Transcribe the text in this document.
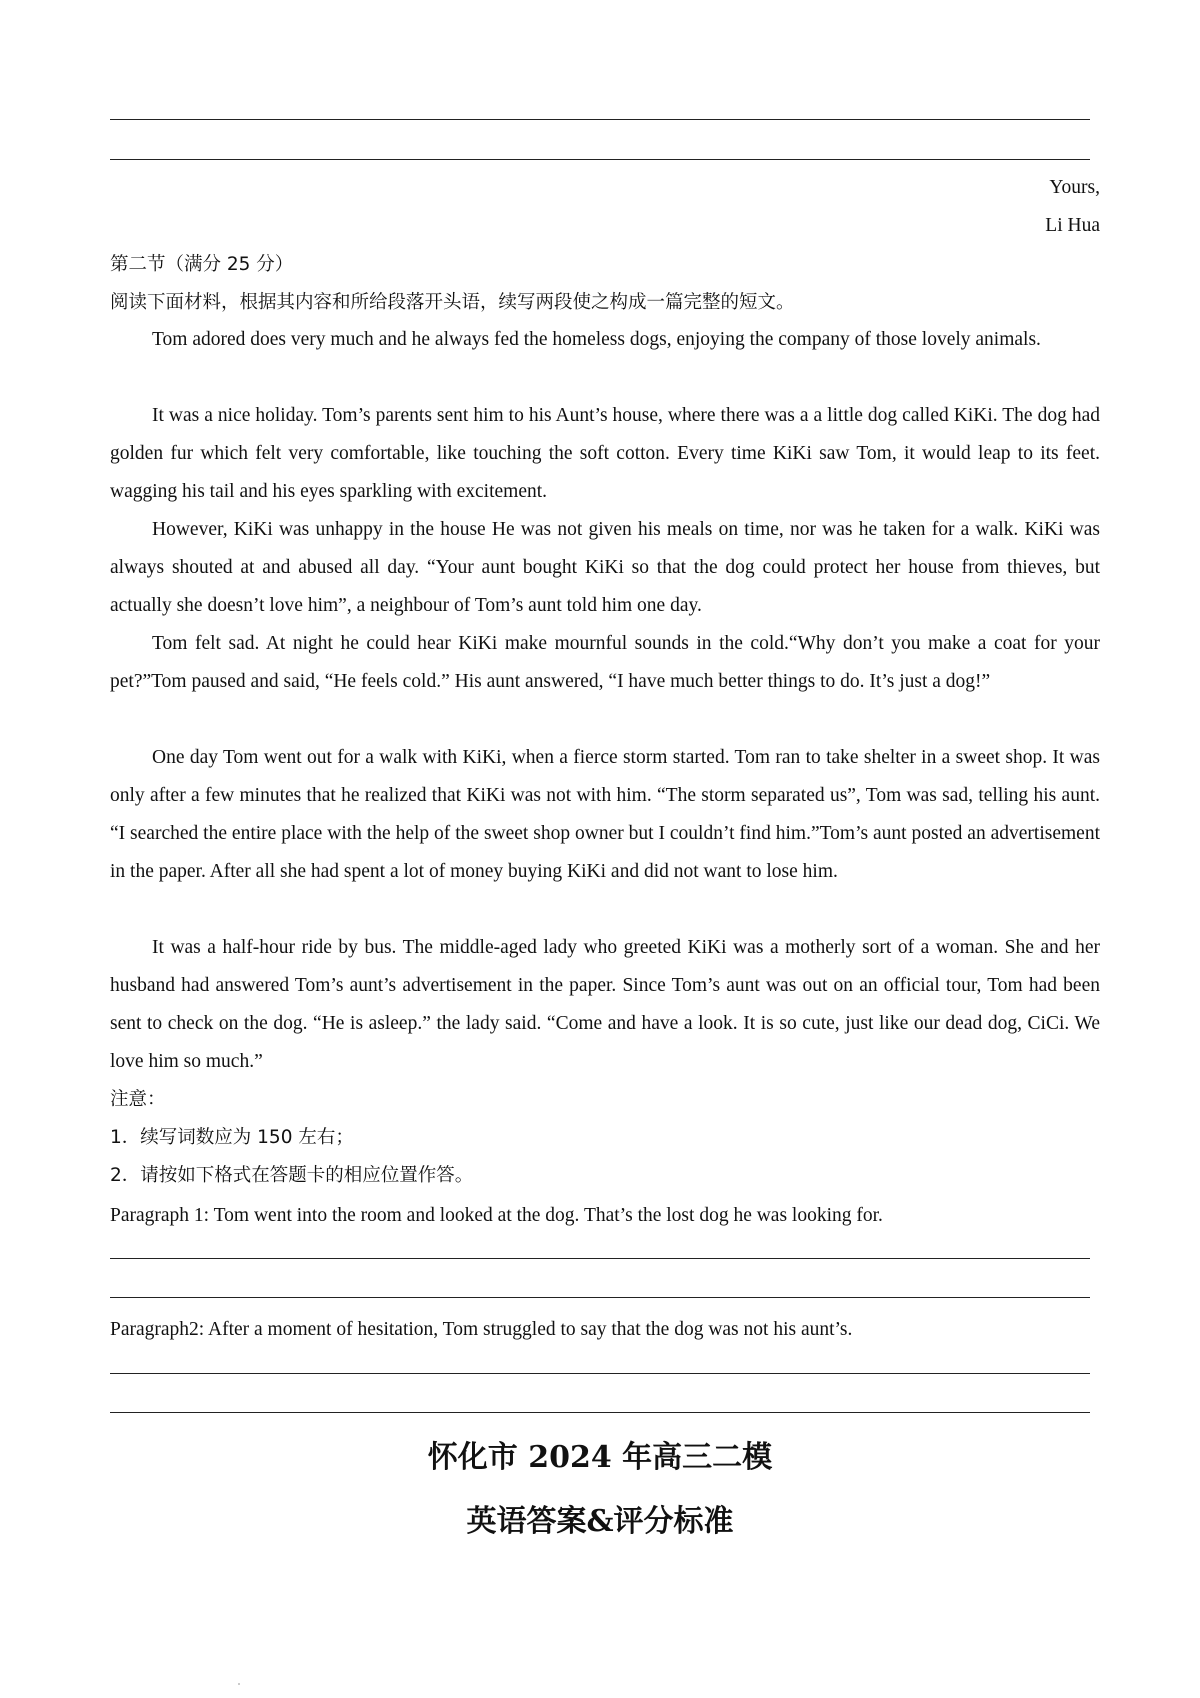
Yours,
Li Hua
第二节（满分 25 分）
阅读下面材料，根据其内容和所给段落开头语，续写两段使之构成一篇完整的短文。
Tom adored does very much and he always fed the homeless dogs, enjoying the company of those lovely animals.
It was a nice holiday. Tom’s parents sent him to his Aunt’s house, where there was a a little dog called KiKi. The dog had golden fur which felt very comfortable, like touching the soft cotton. Every time KiKi saw Tom, it would leap to its feet. wagging his tail and his eyes sparkling with excitement.
However, KiKi was unhappy in the house He was not given his meals on time, nor was he taken for a walk. KiKi was always shouted at and abused all day. “Your aunt bought KiKi so that the dog could protect her house from thieves, but actually she doesn’t love him”, a neighbour of Tom’s aunt told him one day.
Tom felt sad. At night he could hear KiKi make mournful sounds in the cold.“Why don’t you make a coat for your pet?”Tom paused and said, “He feels cold.” His aunt answered, “I have much better things to do. It’s just a dog!”
One day Tom went out for a walk with KiKi, when a fierce storm started. Tom ran to take shelter in a sweet shop. It was only after a few minutes that he realized that KiKi was not with him. “The storm separated us”, Tom was sad, telling his aunt. “I searched the entire place with the help of the sweet shop owner but I couldn’t find him.”Tom’s aunt posted an advertisement in the paper. After all she had spent a lot of money buying KiKi and did not want to lose him.
It was a half-hour ride by bus. The middle-aged lady who greeted KiKi was a motherly sort of a woman. She and her husband had answered Tom’s aunt’s advertisement in the paper. Since Tom’s aunt was out on an official tour, Tom had been sent to check on the dog. “He is asleep.” the lady said. “Come and have a look. It is so cute, just like our dead dog, CiCi. We love him so much.”
注意：
1．续写词数应为 150 左右；
2．请按如下格式在答题卡的相应位置作答。
Paragraph 1: Tom went into the room and looked at the dog. That’s the lost dog he was looking for.
Paragraph2: After a moment of hesitation, Tom struggled to say that the dog was not his aunt’s.
怀化市 2024 年高三二模
英语答案&评分标准
